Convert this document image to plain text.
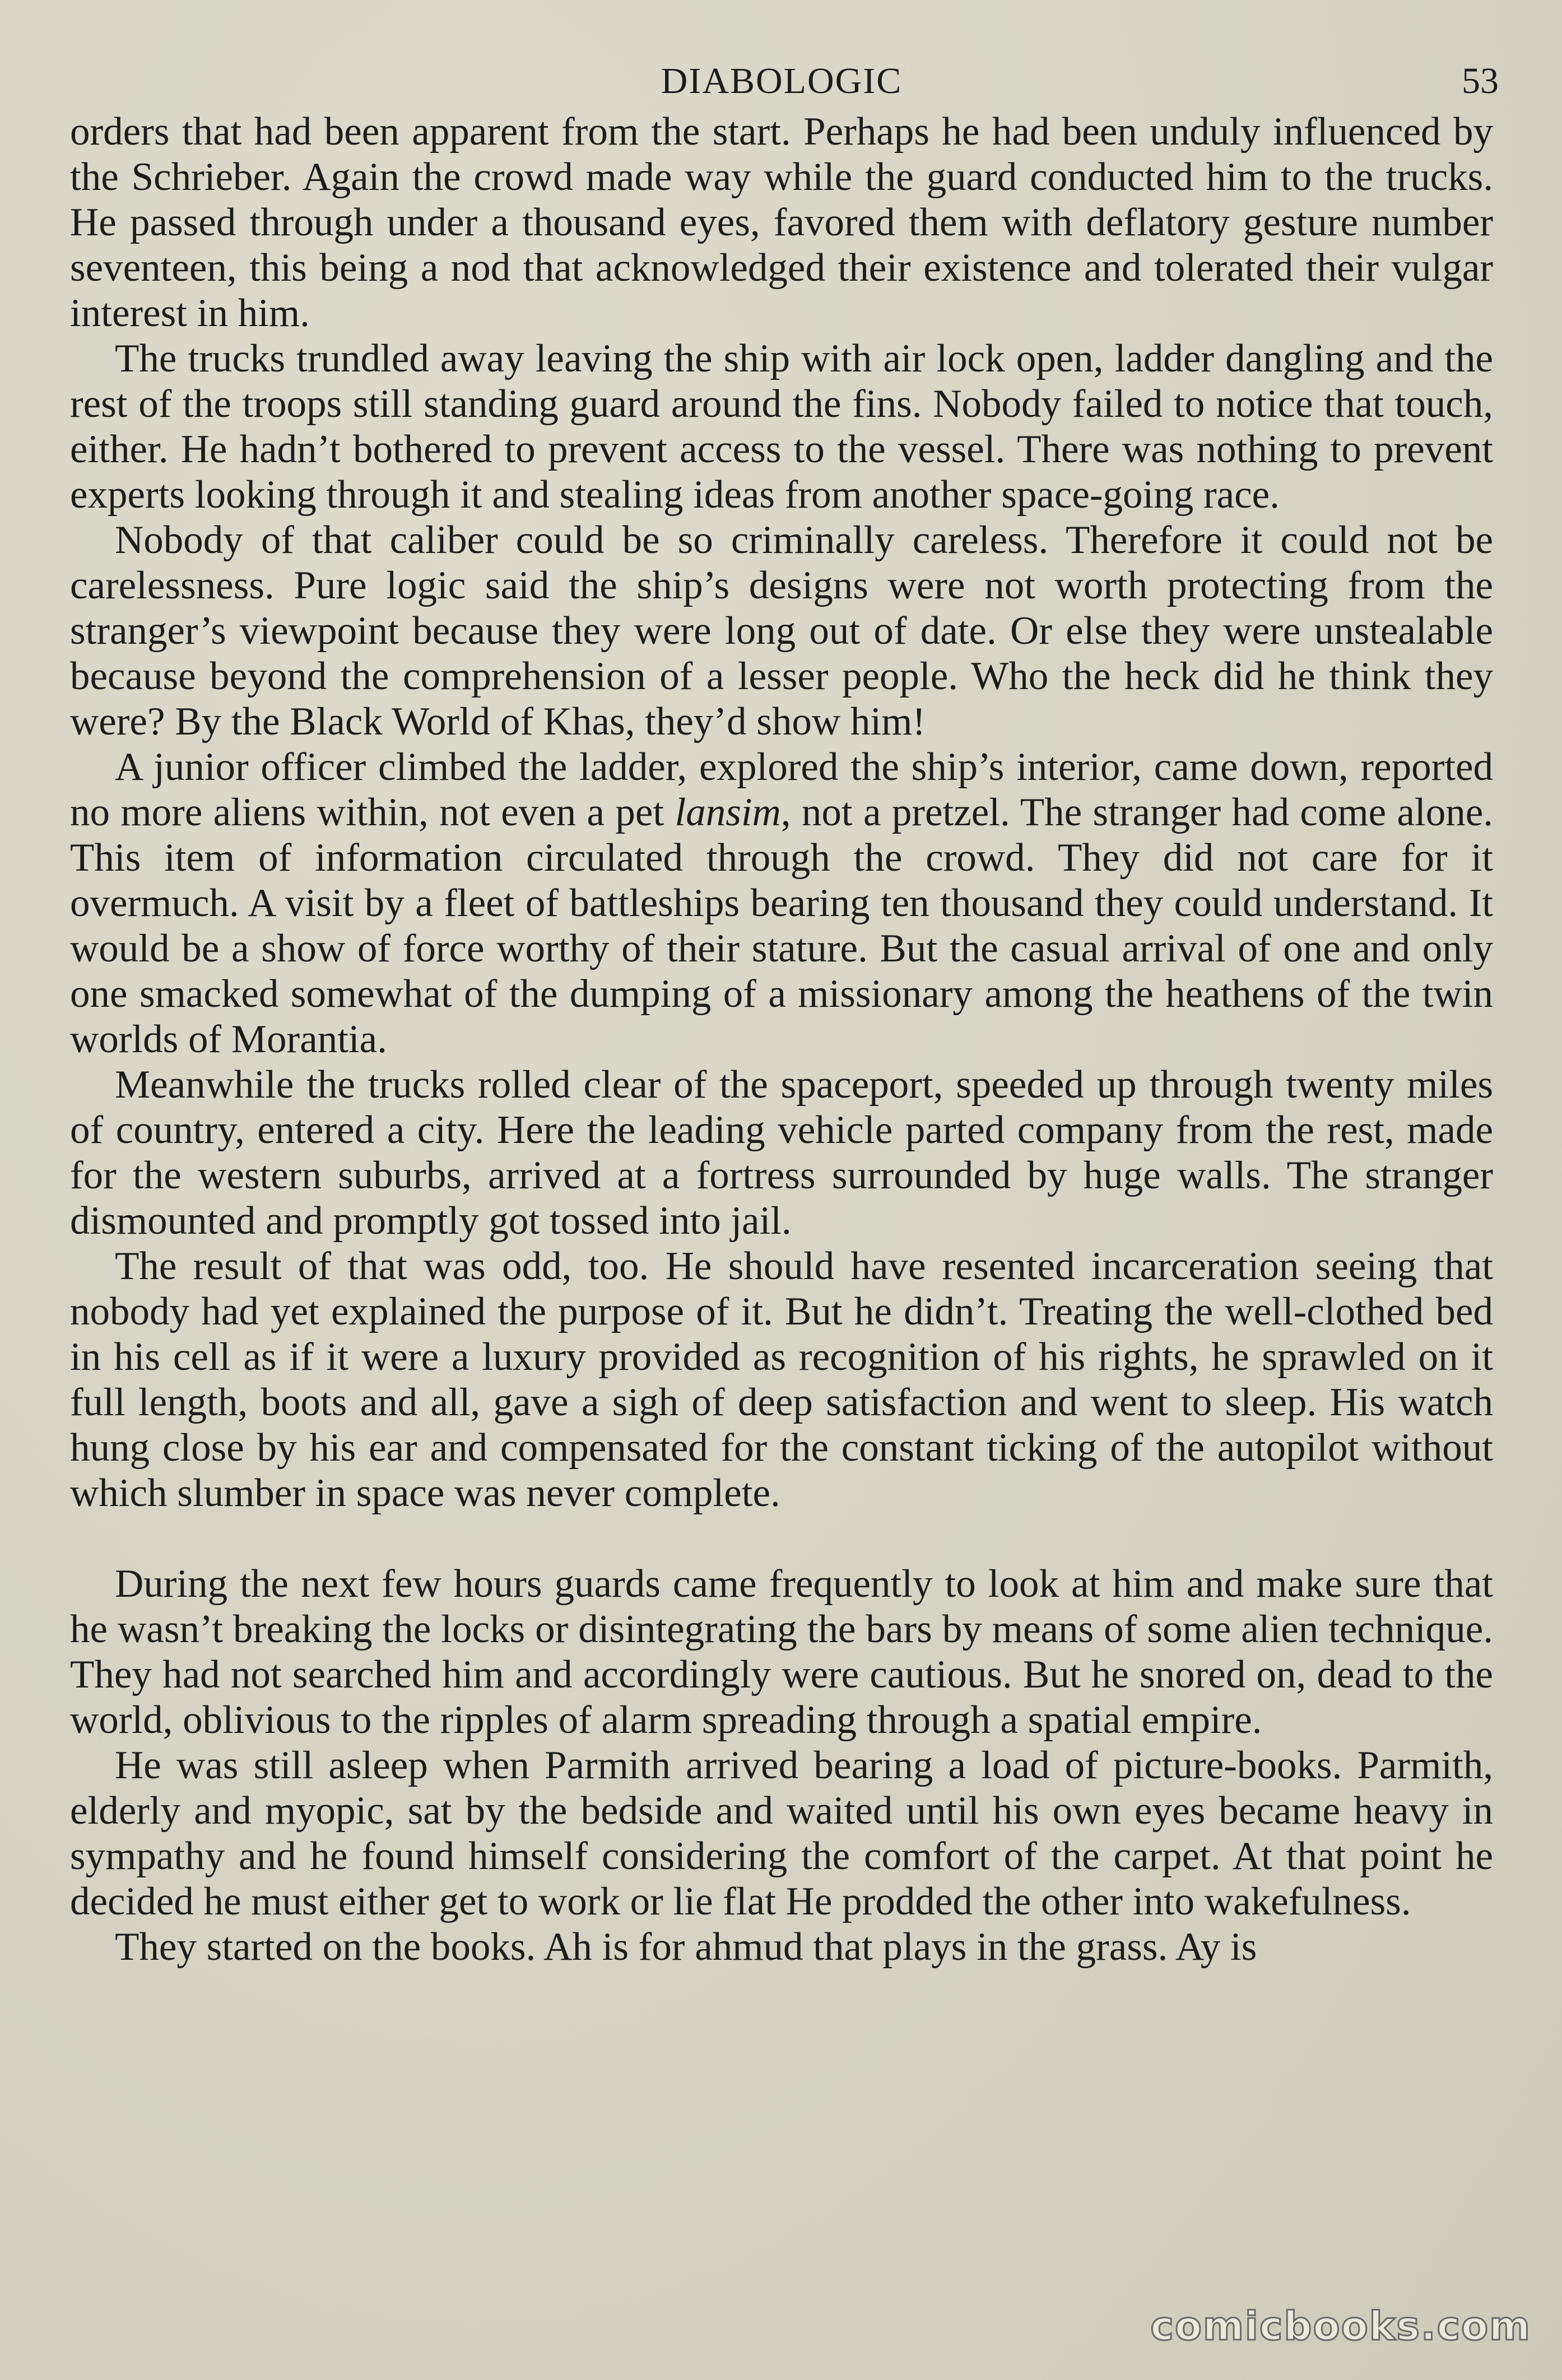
DIABOLOGIC	53

orders that had been apparent from the start. Perhaps he had been unduly influenced by the Schrieber. Again the crowd made way while the guard conducted him to the trucks. He passed through under a thousand eyes, favored them with deflatory gesture number seventeen, this being a nod that acknowledged their existence and tolerated their vulgar interest in him.

The trucks trundled away leaving the ship with air lock open, ladder dangling and the rest of the troops still standing guard around the fins. Nobody failed to notice that touch, either. He hadn’t bothered to prevent access to the vessel. There was nothing to prevent experts looking through it and stealing ideas from another space-going race.

Nobody of that caliber could be so criminally careless. Therefore it could not be carelessness. Pure logic said the ship’s designs were not worth protecting from the stranger’s viewpoint because they were long out of date. Or else they were unstealable because beyond the comprehension of a lesser people. Who the heck did he think they were? By the Black World of Khas, they’d show him!

A junior officer climbed the ladder, explored the ship’s interior, came down, reported no more aliens within, not even a pet lansim, not a pretzel. The stranger had come alone. This item of information circulated through the crowd. They did not care for it overmuch. A visit by a fleet of battleships bearing ten thousand they could understand. It would be a show of force worthy of their stature. But the casual arrival of one and only one smacked somewhat of the dumping of a missionary among the heathens of the twin worlds of Morantia.

Meanwhile the trucks rolled clear of the spaceport, speeded up through twenty miles of country, entered a city. Here the leading vehicle parted company from the rest, made for the western suburbs, arrived at a fortress surrounded by huge walls. The stranger dismounted and promptly got tossed into jail.

The result of that was odd, too. He should have resented incarceration seeing that nobody had yet explained the purpose of it. But he didn’t. Treating the well-clothed bed in his cell as if it were a luxury provided as recognition of his rights, he sprawled on it full length, boots and all, gave a sigh of deep satisfaction and went to sleep. His watch hung close by his ear and compensated for the constant ticking of the autopilot without which slumber in space was never complete.

During the next few hours guards came frequently to look at him and make sure that he wasn’t breaking the locks or disintegrating the bars by means of some alien technique. They had not searched him and accordingly were cautious. But he snored on, dead to the world, oblivious to the ripples of alarm spreading through a spatial empire.

He was still asleep when Parmith arrived bearing a load of picture-books. Parmith, elderly and myopic, sat by the bedside and waited until his own eyes became heavy in sympathy and he found himself considering the comfort of the carpet. At that point he decided he must either get to work or lie flat He prodded the other into wakefulness.

They started on the books. Ah is for ahmud that plays in the grass. Ay is

comicbooks.com
